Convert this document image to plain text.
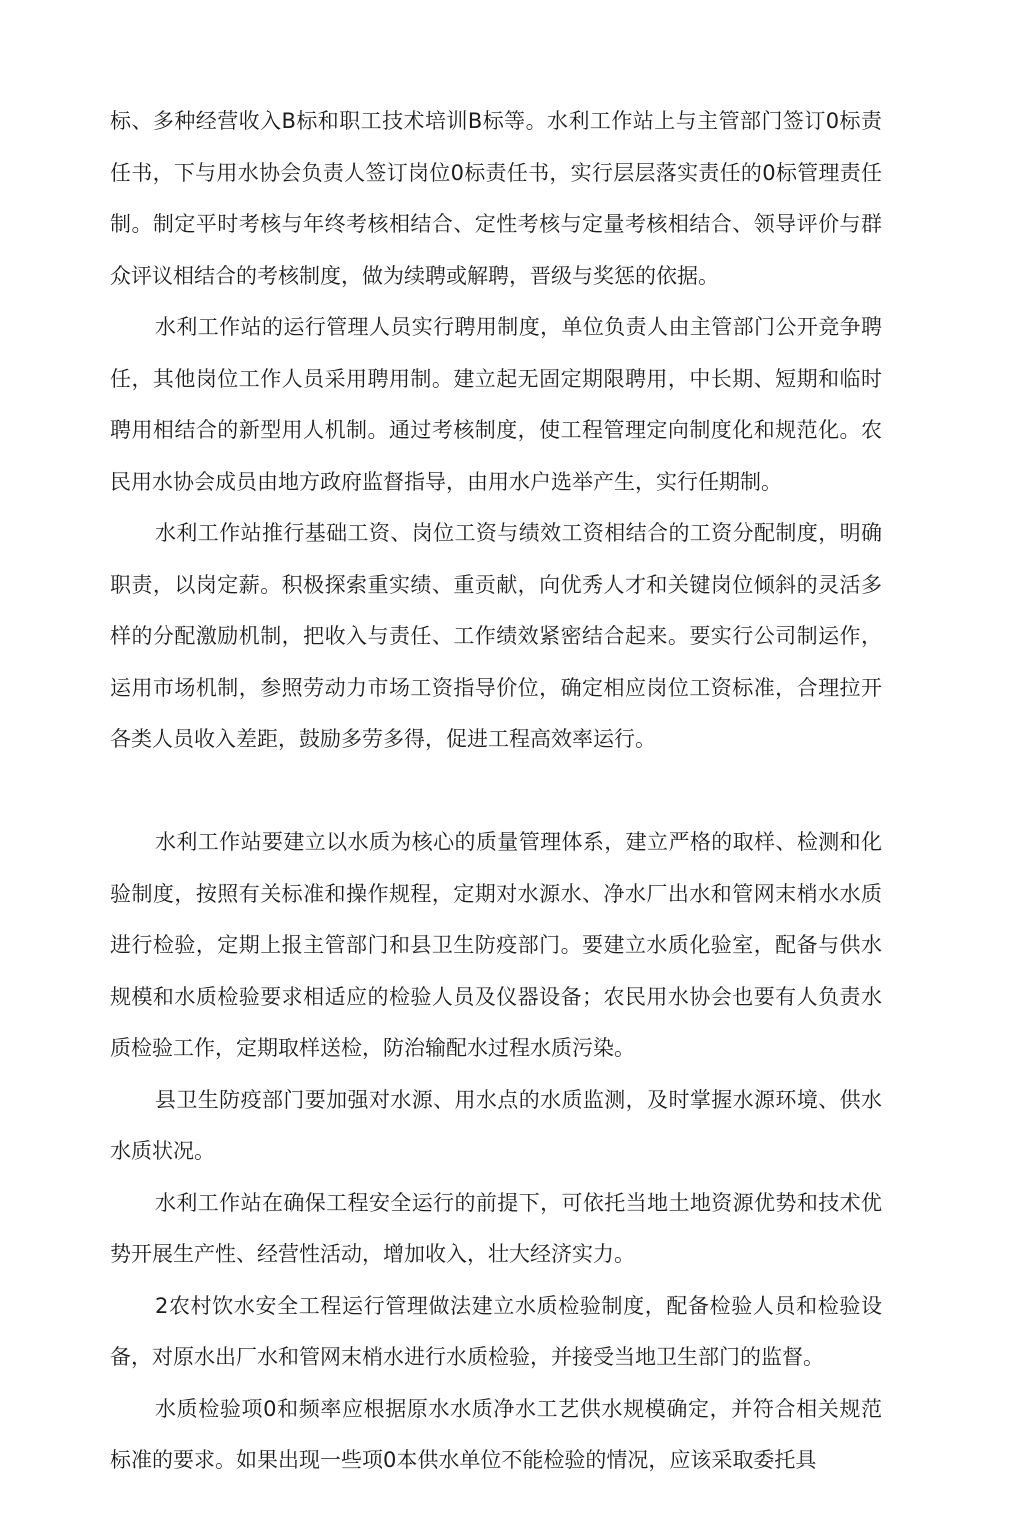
标、多种经营收入B标和职工技术培训B标等。水利工作站上与主管部门签订0标责任书，下与用水协会负责人签订岗位0标责任书，实行层层落实责任的0标管理责任制。制定平时考核与年终考核相结合、定性考核与定量考核相结合、领导评价与群众评议相结合的考核制度，做为续聘或解聘，晋级与奖惩的依据。

水利工作站的运行管理人员实行聘用制度，单位负责人由主管部门公开竞争聘任，其他岗位工作人员采用聘用制。建立起无固定期限聘用，中长期、短期和临时聘用相结合的新型用人机制。通过考核制度，使工程管理定向制度化和规范化。农民用水协会成员由地方政府监督指导，由用水户选举产生，实行任期制。

水利工作站推行基础工资、岗位工资与绩效工资相结合的工资分配制度，明确职责，以岗定薪。积极探索重实绩、重贡献，向优秀人才和关键岗位倾斜的灵活多样的分配激励机制，把收入与责任、工作绩效紧密结合起来。要实行公司制运作，运用市场机制，参照劳动力市场工资指导价位，确定相应岗位工资标准，合理拉开各类人员收入差距，鼓励多劳多得，促进工程高效率运行。

水利工作站要建立以水质为核心的质量管理体系，建立严格的取样、检测和化验制度，按照有关标准和操作规程，定期对水源水、净水厂出水和管网末梢水水质进行检验，定期上报主管部门和县卫生防疫部门。要建立水质化验室，配备与供水规模和水质检验要求相适应的检验人员及仪器设备；农民用水协会也要有人负责水质检验工作，定期取样送检，防治输配水过程水质污染。

县卫生防疫部门要加强对水源、用水点的水质监测，及时掌握水源环境、供水水质状况。

水利工作站在确保工程安全运行的前提下，可依托当地土地资源优势和技术优势开展生产性、经营性活动，增加收入，壮大经济实力。

2农村饮水安全工程运行管理做法建立水质检验制度，配备检验人员和检验设备，对原水出厂水和管网末梢水进行水质检验，并接受当地卫生部门的监督。

水质检验项0和频率应根据原水水质净水工艺供水规模确定，并符合相关规范标准的要求。如果出现一些项0本供水单位不能检验的情况，应该采取委托具
